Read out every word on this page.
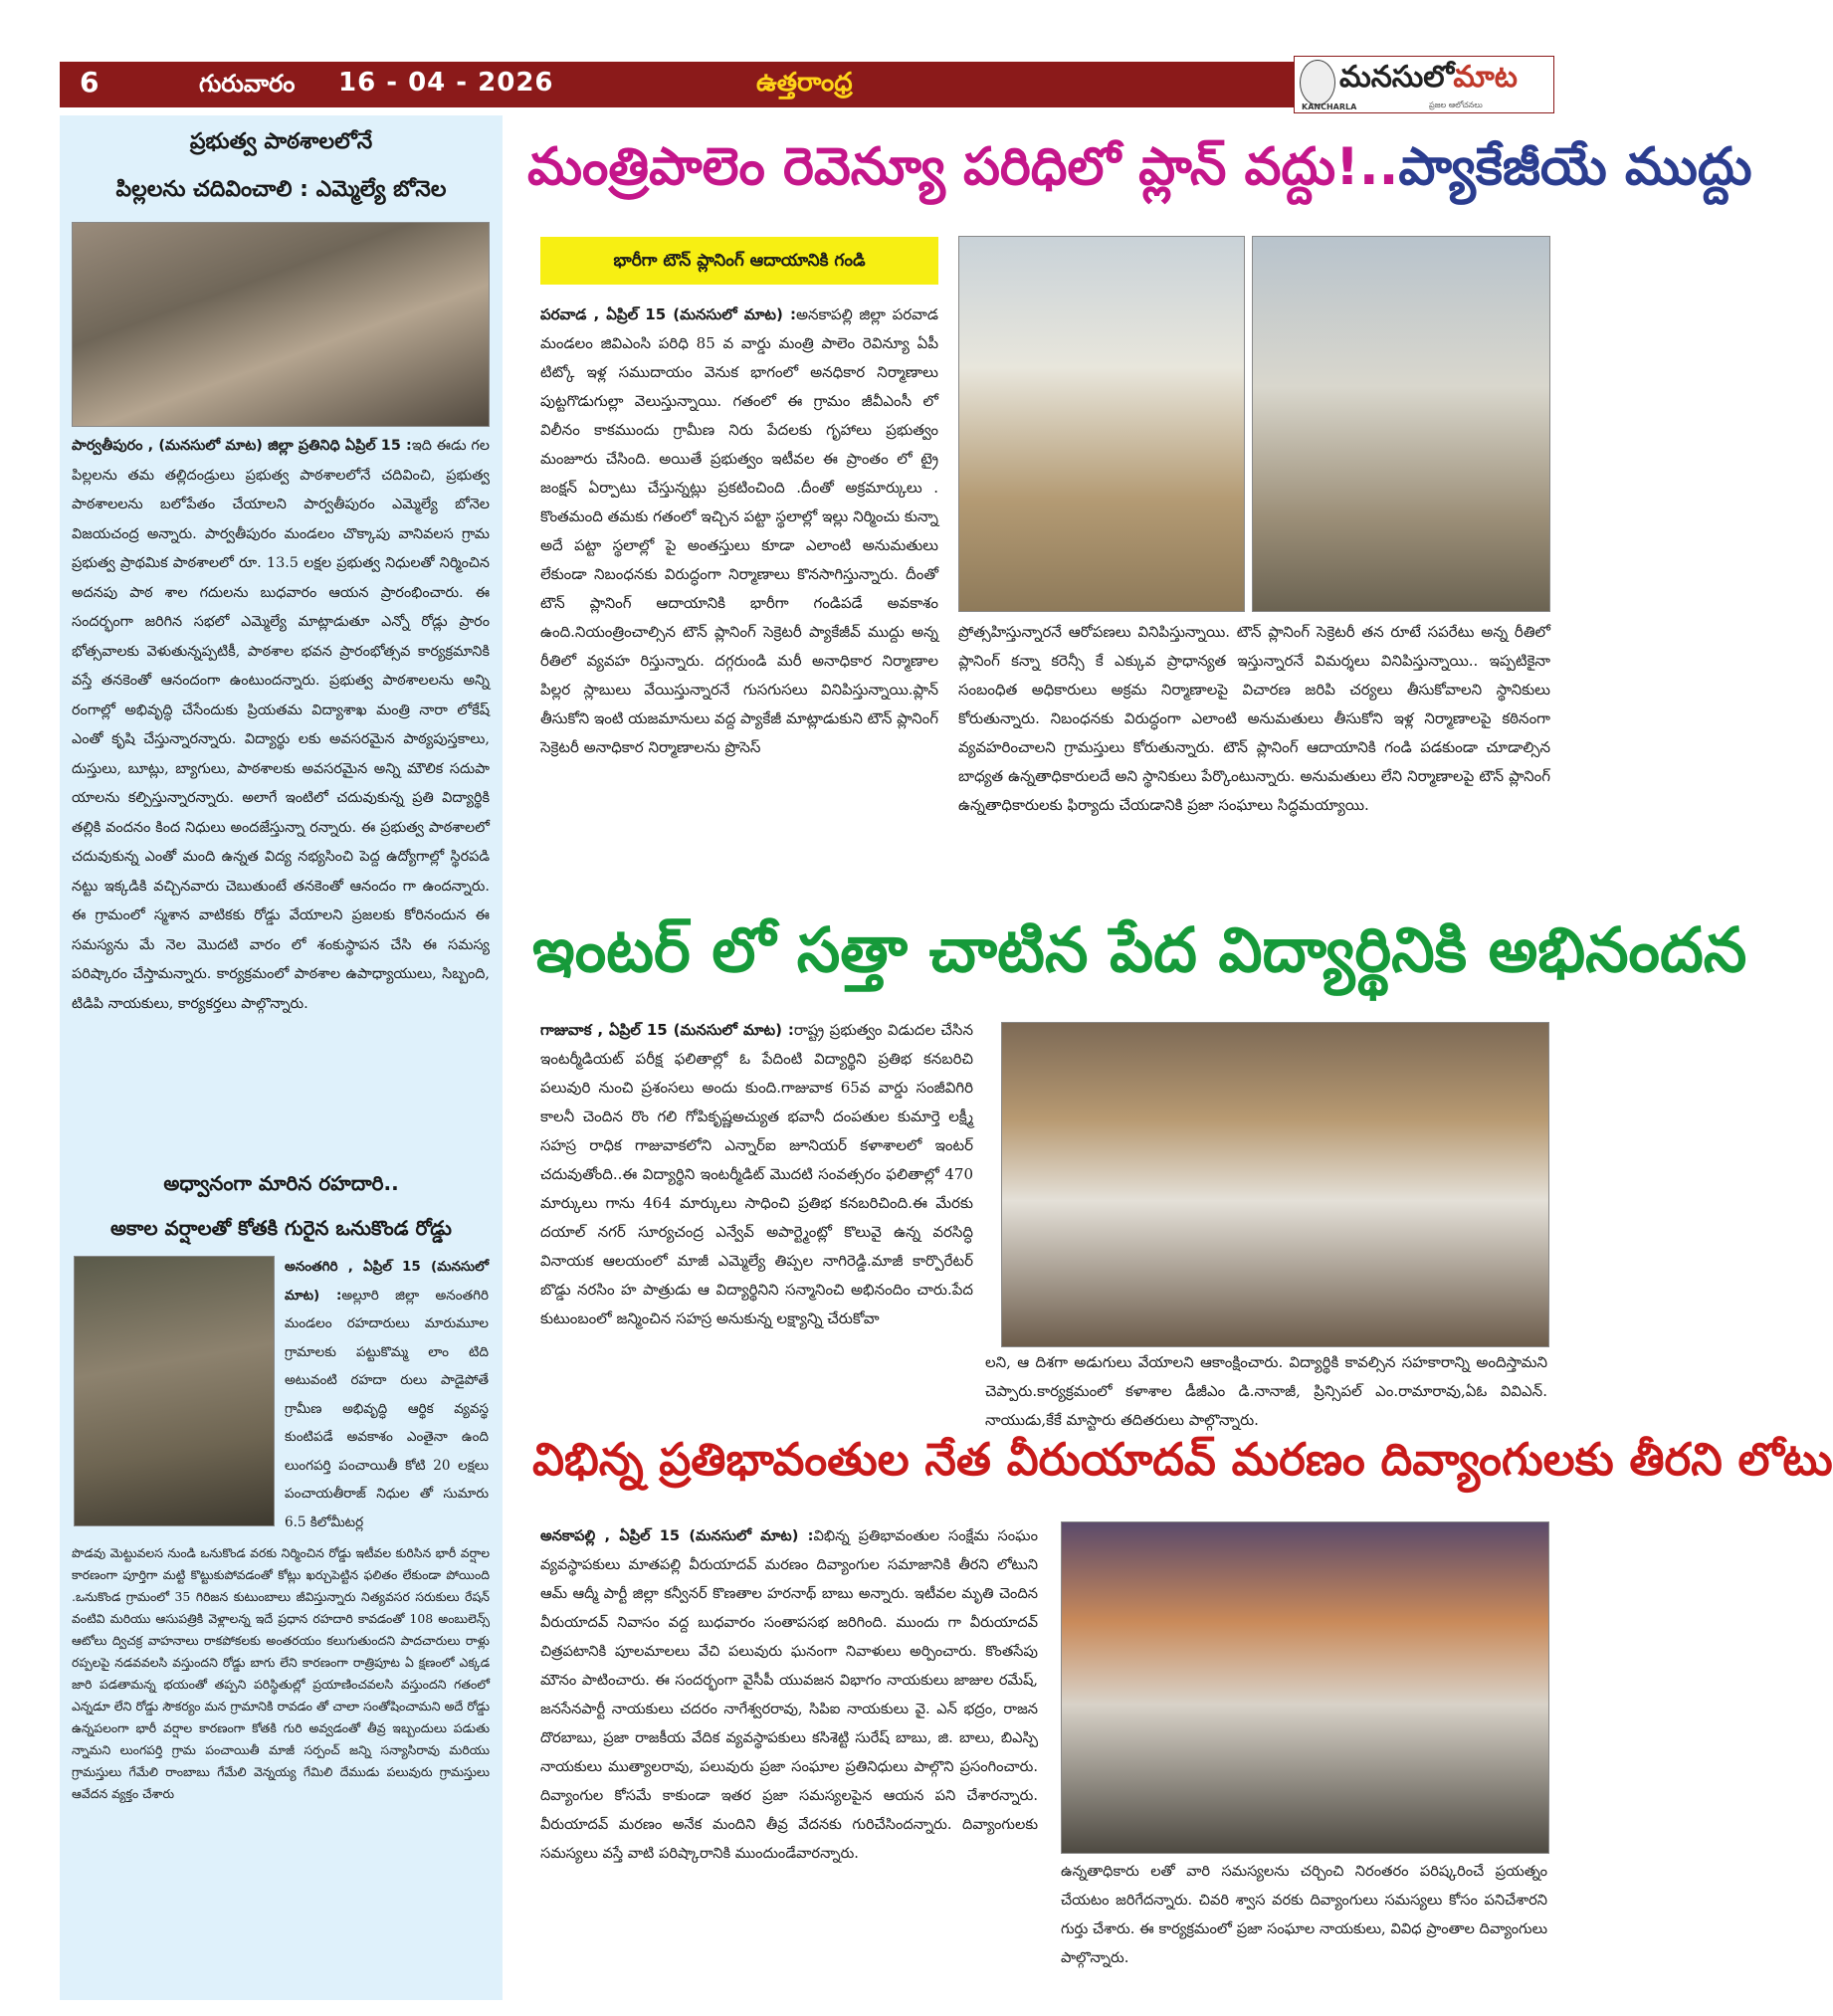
6	గురువారం 16 - 04 - 2026	ఉత్తరాంధ్ర	మనసులోమాట
KANCHARLA	ప్రజల ఆలోచనలు
ప్రభుత్వ పాఠశాలలోనే
పిల్లలను చదివించాలి : ఎమ్మెల్యే బోనెల
పార్వతీపురం , (మనసులో మాట) జిల్లా ప్రతినిధి ఏప్రిల్ 15 :ఇది ఈడు గల పిల్లలను తమ తల్లిదండ్రులు ప్రభుత్వ పాఠశాలలోనే చదివించి, ప్రభుత్వ పాఠశాలలను బలోపేతం చేయాలని పార్వతీపురం ఎమ్మెల్యే బోనెల విజయచంద్ర అన్నారు. పార్వతీపురం మండలం చొక్కాపు వానివలస గ్రామ ప్రభుత్వ ప్రాథమిక పాఠశాలలో రూ. 13.5 లక్షల ప్రభుత్వ నిధులతో నిర్మించిన అదనపు పాఠ శాల గదులను బుధవారం ఆయన ప్రారంభించారు. ఈ సందర్భంగా జరిగిన సభలో ఎమ్మెల్యే మాట్లాడుతూ ఎన్నో రోడ్లు ప్రారం భోత్సవాలకు వెళుతున్నప్పటికీ, పాఠశాల భవన ప్రారంభోత్సవ కార్యక్రమానికి వస్తే తనకెంతో ఆనందంగా ఉంటుందన్నారు. ప్రభుత్వ పాఠశాలలను అన్ని రంగాల్లో అభివృద్ధి చేసేందుకు ప్రియతమ విద్యాశాఖ మంత్రి నారా లోకేష్ ఎంతో కృషి చేస్తున్నారన్నారు. విద్యార్థు లకు అవసరమైన పాఠ్యపుస్తకాలు, దుస్తులు, బూట్లు, బ్యాగులు, పాఠశాలకు అవసరమైన అన్ని మౌలిక సదుపా యాలను కల్పిస్తున్నారన్నారు. అలాగే ఇంటిలో చదువుకున్న ప్రతి విద్యార్థికి తల్లికి వందనం కింద నిధులు అందజేస్తున్నా రన్నారు. ఈ ప్రభుత్వ పాఠశాలలో చదువుకున్న ఎంతో మంది ఉన్నత విద్య నభ్యసించి పెద్ద ఉద్యోగాల్లో స్థిరపడి నట్టు ఇక్కడికి వచ్చినవారు చెబుతుంటే తనకెంతో ఆనందం గా ఉందన్నారు. ఈ గ్రామంలో స్మశాన వాటికకు రోడ్డు వేయాలని ప్రజలకు కోరినందున ఈ సమస్యను మే నెల మొదటి వారం లో శంకుస్థాపన చేసి ఈ సమస్య పరిష్కారం చేస్తామన్నారు. కార్యక్రమంలో పాఠశాల ఉపాధ్యాయులు, సిబ్బంది, టిడిపి నాయకులు, కార్యకర్తలు పాల్గొన్నారు.
అధ్వానంగా మారిన రహదారి..
అకాల వర్షాలతో కోతకి గురైన ఒనుకొండ రోడ్డు
అనంతగిరి , ఏప్రిల్ 15 (మనసులో మాట) :అల్లూరి జిల్లా అనంతగిరి మండలం రహదారులు మారుమూల గ్రామాలకు పట్టుకొమ్మ లాం టిది అటువంటి రహదా రులు పాడైపోతే గ్రామీణ అభివృద్ధి ఆర్థిక వ్యవస్థ కుంటిపడే అవకాశం ఎంతైనా ఉంది లుంగపర్తి పంచాయితీ కోటి 20 లక్షలు పంచాయతీరాజ్ నిధుల తో సుమారు 6.5 కిలోమీటర్ల
పొడవు మెట్టువలస నుండి ఒనుకొండ వరకు నిర్మించిన రోడ్డు ఇటీవల కురిసిన భారీ వర్షాల కారణంగా పూర్తిగా మట్టి కొట్టుకుపోవడంతో కోట్లు ఖర్చుపెట్టిన ఫలితం లేకుండా పోయింది .ఒనుకొండ గ్రామంలో 35 గిరిజన కుటుంబాలు జీవిస్తున్నారు నిత్యవసర సరుకులు రేషన్ వంటివి మరియు ఆసుపత్రికి వెళ్లాలన్న ఇదే ప్రధాన రహదారి కావడంతో 108 అంబులెన్స్ ఆటోలు ద్విచక్ర వాహనాలు రాకపోకలకు అంతరయం కలుగుతుందని పాదచారులు రాళ్లు రప్పలపై నడవవలసి వస్తుందని రోడ్డు బాగు లేని కారణంగా రాత్రిపూట ఏ క్షణంలో ఎక్కడ జారి పడతామన్న భయంతో తప్పని పరిస్థితుల్లో ప్రయాణించవలసి వస్తుందని గతంలో ఎన్నడూ లేని రోడ్డు సౌకర్యం మన గ్రామానికి రావడం తో చాలా సంతోషించామని అదే రోడ్డు ఉన్నపలంగా భారీ వర్షాల కారణంగా కోతకి గురి అవ్వడంతో తీవ్ర ఇబ్బందులు పడుతు న్నామని లుంగపర్తి గ్రామ పంచాయితీ మాజీ సర్పంచ్ జన్ని సన్యాసిరావు మరియు గ్రామస్తులు గేమేలి రాంబాబు గేమేలి వెన్నయ్య గేమిలి దేముడు పలువురు గ్రామస్తులు ఆవేదన వ్యక్తం చేశారు
మంత్రిపాలెం రెవెన్యూ పరిధిలో ప్లాన్ వద్దు!..ప్యాకేజీయే ముద్దు
భారీగా టౌన్ ప్లానింగ్ ఆదాయానికి గండి
పరవాడ , ఏప్రిల్ 15 (మనసులో మాట) :అనకాపల్లి జిల్లా పరవాడ మండలం జివిఎంసి పరిధి 85 వ వార్డు మంత్రి పాలెం రెవిన్యూ ఏపీ టిట్కో ఇళ్ల సముదాయం వెనుక భాగంలో అనధికార నిర్మాణాలు పుట్టగొడుగుల్లా వెలుస్తున్నాయి. గతంలో ఈ గ్రామం జీవీఎంసీ లో విలీనం కాకముందు గ్రామీణ నిరు పేదలకు గృహాలు ప్రభుత్వం మంజూరు చేసింది. అయితే ప్రభుత్వం ఇటీవల ఈ ప్రాంతం లో ట్రై జంక్షన్ ఏర్పాటు చేస్తున్నట్లు ప్రకటించింది .దీంతో అక్రమార్కులు . కొంతమంది తమకు గతంలో ఇచ్చిన పట్టా స్థలాల్లో ఇల్లు నిర్మించు కున్నా అదే పట్టా స్థలాల్లో పై అంతస్తులు కూడా ఎలాంటి అనుమతులు లేకుండా నిబంధనకు విరుద్ధంగా నిర్మాణాలు కొనసాగిస్తున్నారు. దీంతో టౌన్ ప్లానింగ్ ఆదాయానికి భారీగా గండిపడే అవకాశం ఉంది.నియంత్రించాల్సిన టౌన్ ప్లానింగ్ సెక్రెటరీ ప్యాకేజీవ్ ముద్దు అన్న రీతిలో వ్యవహ రిస్తున్నారు. దగ్గరుండి మరీ అనాధికార నిర్మాణాల పిల్లర స్లాబులు వేయిస్తున్నారనే గుసగుసలు వినిపిస్తున్నాయి.ప్లాన్ తీసుకోని ఇంటి యజమానులు వద్ద ప్యాకేజీ మాట్లాడుకుని టౌన్ ప్లానింగ్ సెక్రెటరీ అనాధికార నిర్మాణాలను ప్రొసెస్
ప్రోత్సహిస్తున్నారనే ఆరోపణలు వినిపిస్తున్నాయి. టౌన్ ప్లానింగ్ సెక్రెటరీ తన రూటే సపరేటు అన్న రీతిలో ప్లానింగ్ కన్నా కరెన్సీ కే ఎక్కువ ప్రాధాన్యత ఇస్తున్నారనే విమర్శలు వినిపిస్తున్నాయి.. ఇప్పటికైనా సంబంధిత అధికారులు అక్రమ నిర్మాణాలపై విచారణ జరిపి చర్యలు తీసుకోవాలని స్థానికులు కోరుతున్నారు. నిబంధనకు విరుద్ధంగా ఎలాంటి అనుమతులు తీసుకోని ఇళ్ల నిర్మాణాలపై కఠినంగా వ్యవహరించాలని గ్రామస్తులు కోరుతున్నారు. టౌన్ ప్లానింగ్ ఆదాయానికి గండి పడకుండా చూడాల్సిన బాధ్యత ఉన్నతాధికారులదే అని స్థానికులు పేర్కొంటున్నారు. అనుమతులు లేని నిర్మాణాలపై టౌన్ ప్లానింగ్ ఉన్నతాధికారులకు ఫిర్యాదు చేయడానికి ప్రజా సంఘాలు సిద్ధమయ్యాయి.
ఇంటర్ లో సత్తా చాటిన పేద విద్యార్థినికి అభినందన
గాజువాక , ఏప్రిల్ 15 (మనసులో మాట) :రాష్ట్ర ప్రభుత్వం విడుదల చేసిన ఇంటర్మీడియట్ పరీక్ష ఫలితాల్లో ఓ పేదింటి విద్యార్థిని ప్రతిభ కనబరిచి పలువురి నుంచి ప్రశంసలు అందు కుంది.గాజువాక 65వ వార్డు సంజీవిగిరి కాలనీ చెందిన రొం గలి గోపికృష్ణఅచ్యుత భవానీ దంపతుల కుమార్తె లక్ష్మీ సహస్ర రాధిక గాజువాకలోని ఎన్నార్ఐ జూనియర్ కళాశాలలో ఇంటర్ చదువుతోంది..ఈ విద్యార్థిని ఇంటర్మీడిట్ మొదటి సంవత్సరం ఫలితాల్లో 470 మార్కులు గాను 464 మార్కులు సాధించి ప్రతిభ కనబరిచింది.ఈ మేరకు దయాల్ నగర్ సూర్యచంద్ర ఎన్వేవ్ అపార్ట్మెంట్లో కొలువై ఉన్న వరసిద్ధి వినాయక ఆలయంలో మాజీ ఎమ్మెల్యే తిప్పల నాగిరెడ్డి.మాజీ కార్పొరేటర్ బొడ్డు నరసిం హ పాత్రుడు ఆ విద్యార్థినిని సన్మానించి అభినందిం చారు.పేద కుటుంబంలో జన్మించిన సహస్ర అనుకున్న లక్ష్యాన్ని చేరుకోవా
లని, ఆ దిశగా అడుగులు వేయాలని ఆకాంక్షించారు. విద్యార్థికి కావల్సిన సహకారాన్ని అందిస్తామని చెప్పారు.కార్యక్రమంలో కళాశాల డీజీఎం డి.నానాజీ, ప్రిన్సిపల్ ఎం.రామారావు,ఏఓ వివిఎన్. నాయుడు,కేకే మాస్టారు తదితరులు పాల్గొన్నారు.
విభిన్న ప్రతిభావంతుల నేత వీరుయాదవ్ మరణం దివ్యాంగులకు తీరని లోటు
అనకాపల్లి , ఏప్రిల్ 15 (మనసులో మాట) :విభిన్న ప్రతిభావంతుల సంక్షేమ సంఘం వ్యవస్థాపకులు మాతపల్లి వీరుయాదవ్ మరణం దివ్యాంగుల సమాజానికి తీరని లోటుని ఆమ్ ఆద్మీ పార్టీ జిల్లా కన్వీనర్ కొణతాల హరనాథ్ బాబు అన్నారు. ఇటీవల మృతి చెందిన వీరుయాదవ్ నివాసం వద్ద బుధవారం సంతాపసభ జరిగింది. ముందు గా వీరుయాదవ్ చిత్రపటానికి పూలమాలలు వేచి పలువురు ఘనంగా నివాళులు అర్పించారు. కొంతసేపు మౌనం పాటించారు. ఈ సందర్భంగా వైసీపీ యువజన విభాగం నాయకులు జాజుల రమేష్, జనసేనపార్టీ నాయకులు చదరం నాగేశ్వరరావు, సిపిఐ నాయకులు వై. ఎన్ భద్రం, రాజన దొరబాబు, ప్రజా రాజకీయ వేదిక వ్యవస్థాపకులు కసిశెట్టి సురేష్ బాబు, జి. బాలు, బిఎస్పి నాయకులు ముత్యాలరావు, పలువురు ప్రజా సంఘాల ప్రతినిధులు పాల్గొని ప్రసంగించారు. దివ్యాంగుల కోసమే కాకుండా ఇతర ప్రజా సమస్యలపైన ఆయన పని చేశారన్నారు. వీరుయాదవ్ మరణం అనేక మందిని తీవ్ర వేదనకు గురిచేసిందన్నారు. దివ్యాంగులకు సమస్యలు వస్తే వాటి పరిష్కారానికి ముందుండేవారన్నారు.
ఉన్నతాధికారు లతో వారి సమస్యలను చర్చించి నిరంతరం పరిష్కరించే ప్రయత్నం చేయటం జరిగేదన్నారు. చివరి శ్వాస వరకు దివ్యాంగులు సమస్యలు కోసం పనిచేశారని గుర్తు చేశారు. ఈ కార్యక్రమంలో ప్రజా సంఘాల నాయకులు, వివిధ ప్రాంతాల దివ్యాంగులు పాల్గొన్నారు.
